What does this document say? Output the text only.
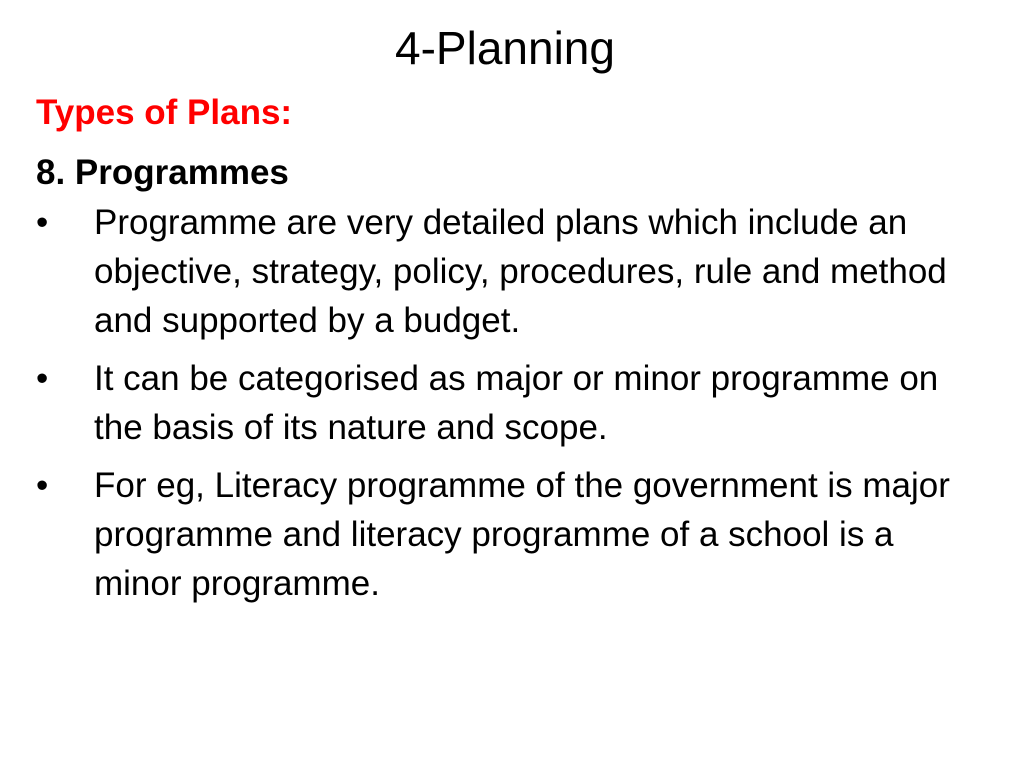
4-Planning
Types of Plans:
8. Programmes
• Programme are very detailed plans which include an objective, strategy, policy, procedures, rule and method and supported by a budget.
• It can be categorised as major or minor programme on the basis of its nature and scope.
• For eg, Literacy programme of the government is major programme and literacy programme of a school is a minor programme.
